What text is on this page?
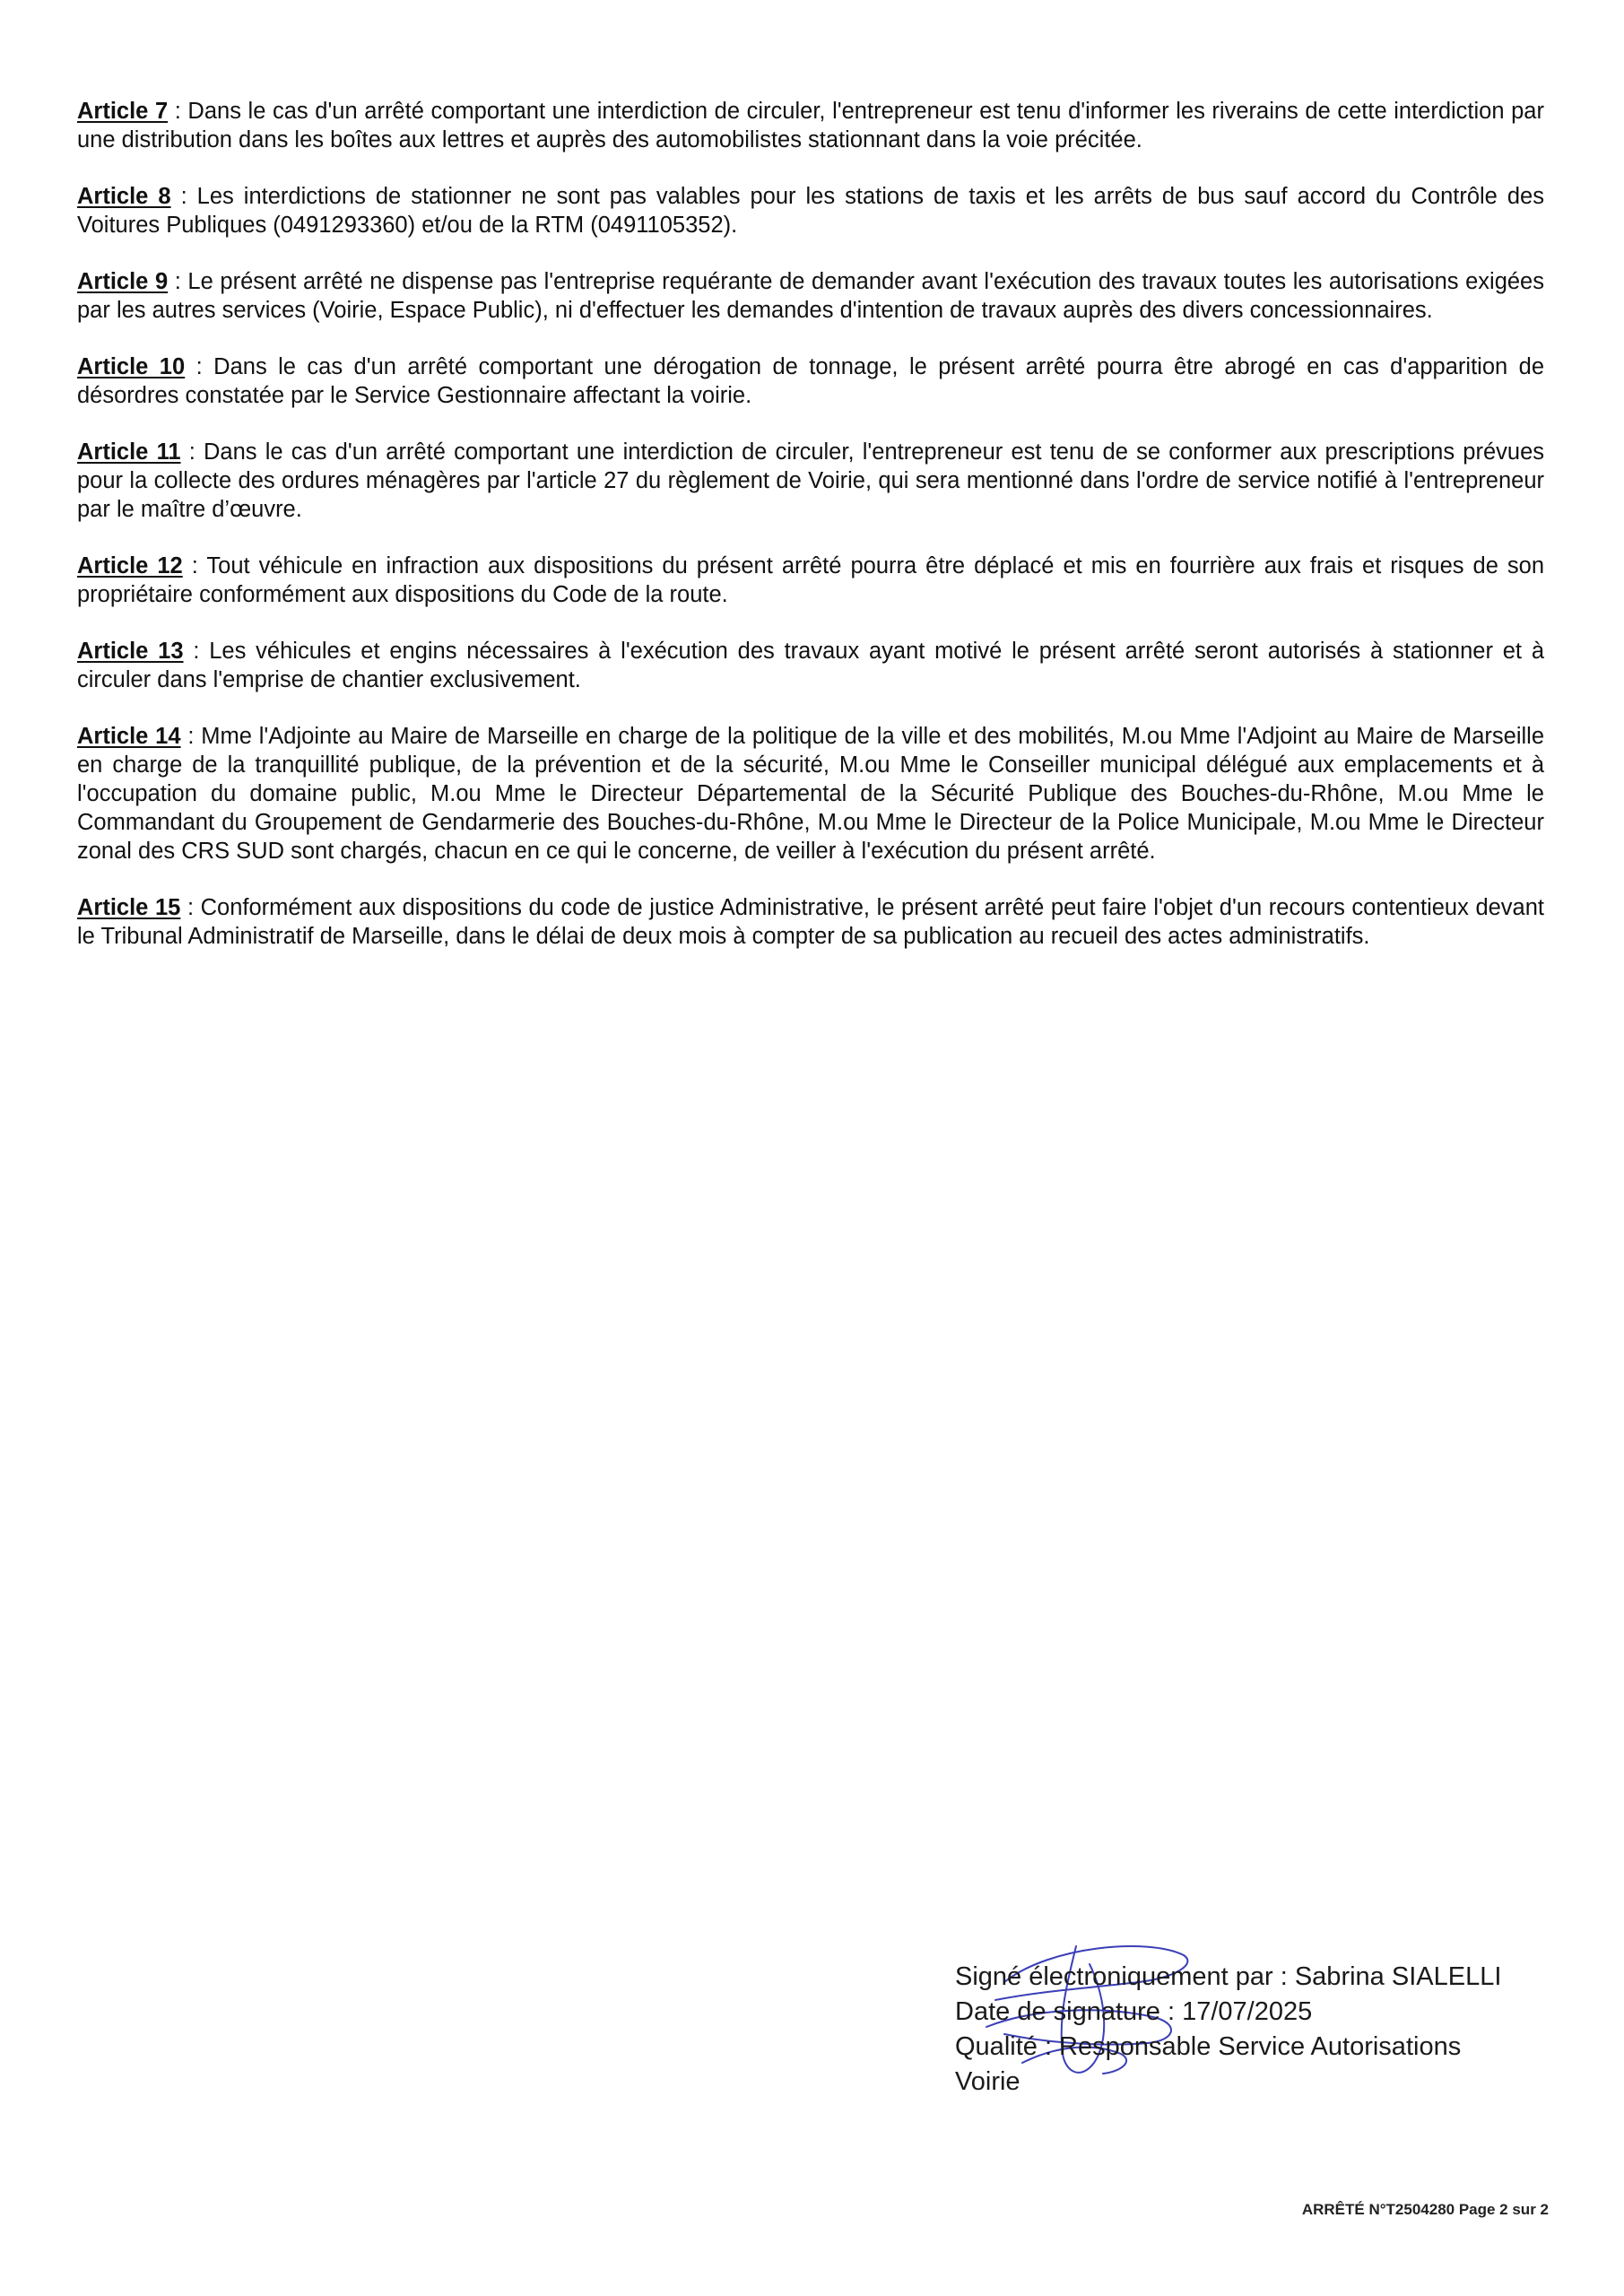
Article 7 : Dans le cas d'un arrêté comportant une interdiction de circuler, l'entrepreneur est tenu d'informer les riverains de cette interdiction par une distribution dans les boîtes aux lettres et auprès des automobilistes stationnant dans la voie précitée.

Article 8 : Les interdictions de stationner ne sont pas valables pour les stations de taxis et les arrêts de bus sauf accord du Contrôle des Voitures Publiques (0491293360) et/ou de la RTM (0491105352).

Article 9 : Le présent arrêté ne dispense pas l'entreprise requérante de demander avant l'exécution des travaux toutes les autorisations exigées par les autres services (Voirie, Espace Public), ni d'effectuer les demandes d'intention de travaux auprès des divers concessionnaires.

Article 10 : Dans le cas d'un arrêté comportant une dérogation de tonnage, le présent arrêté pourra être abrogé en cas d'apparition de désordres constatée par le Service Gestionnaire affectant la voirie.

Article 11 : Dans le cas d'un arrêté comportant une interdiction de circuler, l'entrepreneur est tenu de se conformer aux prescriptions prévues pour la collecte des ordures ménagères par l'article 27 du règlement de Voirie, qui sera mentionné dans l'ordre de service notifié à l'entrepreneur par le maître d’œuvre.

Article 12 : Tout véhicule en infraction aux dispositions du présent arrêté pourra être déplacé et mis en fourrière aux frais et risques de son propriétaire conformément aux dispositions du Code de la route.

Article 13 : Les véhicules et engins nécessaires à l'exécution des travaux ayant motivé le présent arrêté seront autorisés à stationner et à circuler dans l'emprise de chantier exclusivement.

Article 14 : Mme l'Adjointe au Maire de Marseille en charge de la politique de la ville et des mobilités, M.ou Mme l'Adjoint au Maire de Marseille en charge de la tranquillité publique, de la prévention et de la sécurité, M.ou Mme le Conseiller municipal délégué aux emplacements et à l'occupation du domaine public, M.ou Mme le Directeur Départemental de la Sécurité Publique des Bouches-du-Rhône, M.ou Mme le Commandant du Groupement de Gendarmerie des Bouches-du-Rhône, M.ou Mme le Directeur de la Police Municipale, M.ou Mme le Directeur zonal des CRS SUD sont chargés, chacun en ce qui le concerne, de veiller à l'exécution du présent arrêté.

Article 15 : Conformément aux dispositions du code de justice Administrative, le présent arrêté peut faire l'objet d'un recours contentieux devant le Tribunal Administratif de Marseille, dans le délai de deux mois à compter de sa publication au recueil des actes administratifs.

Signé électroniquement par : Sabrina SIALELLI
Date de signature : 17/07/2025
Qualité : Responsable Service Autorisations
Voirie
ARRÊTÉ N°T2504280 Page 2 sur 2
